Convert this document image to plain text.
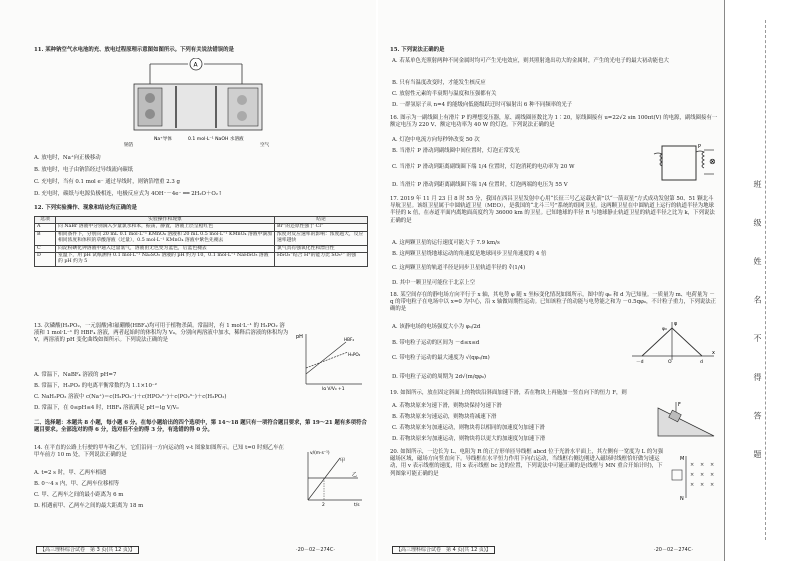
11. 某种钠空气水电池的充、放电过程原理示意图如图所示。下列有关说法错误的是
A
钠箔
Na⁺导体	0.1 mol·L⁻¹ NaOH 水溶液
空气
A. 放电时，Na⁺向正极移动
B. 放电时，电子由钠箔经过导线流向碳纸
C. 充电时，当有 0.1 mol e⁻ 通过导线时，则钠箔增重 2.3 g
D. 充电时，碳纸与电源负极相连，电极反应式为 4OH⁻－4e⁻ ══ 2H₂O＋O₂↑
12. 下列实验操作、现象和结论均正确的是
选项	实验操作和现象	结论
A	向 NaBr 溶液中分别滴入少量氯水和苯，振荡，静置，溶液上层呈橙红色	Br⁻的还原性强于 Cl⁻
B	相同条件下，分别向 20 mL 0.1 mol·L⁻¹ KMnO₄ 溶液和 20 mL 0.5 mol·L⁻¹ KMnO₄ 溶液中滴加相同浓度和体积的草酸溶液（过量），0.5 mol·L⁻¹ KMnO₄ 溶液中紫色先褪去	浓度对反应速率的影响：浓度越大，反应速率越快
C	向淀粉碘化钾溶液中通入过量氯气，溶液由无色变为蓝色，后蓝色褪去	氯气具有强氧化性和漂白性
D	室温下，用 pH 试纸测得 0.1 mol·L⁻¹ Na₂SO₃ 溶液的 pH 约为 10，0.1 mol·L⁻¹ NaHSO₃ 溶液的 pH 约为 5	HSO₃⁻结合 H⁺的能力比 SO₃²⁻ 的强
13. 次磷酸(H₃PO₂，一元弱酸)和氟硼酸(HBF₄)均可用于植物杀菌。常温时，有 1 mol·L⁻¹ 的 H₃PO₂ 溶液和 1 mol·L⁻¹ 的 HBF₄ 溶液，两者起始时的体积均为 V₀，分别向两溶液中加水，稀释后溶液的体积均为 V，两溶液的 pH 变化曲线如图所示。下列说法正确的是
pH
lg V/V₀ +1
HBF₄
H₃PO₂
A. 常温下，NaBF₄ 溶液的 pH=7
B. 常温下，H₃PO₂ 的电离平衡常数约为 1.1×10⁻²
C. NaH₂PO₂ 溶液中 c(Na⁺)＝c(H₂PO₂⁻)＋c(HPO₂²⁻)＋c(PO₂³⁻)＋c(H₃PO₂)
D. 常温下，在 0≤pH≤4 时，HBF₄ 溶液满足 pH＝lg V/V₀
二、选择题：本题共 8 小题，每小题 6 分。在每小题给出的四个选项中，第 14～18 题只有一项符合题目要求，第 19～21 题有多项符合题目要求。全部选对的得 6 分，选对但不全的得 3 分，有选错的得 0 分。
14. 在平直的公路上行驶的甲车和乙车，它们沿同一方向运动的 v-t 图象如图所示。已知 t=0 时刻乙车在甲车前方 10 m 处，下列说法正确的是	v/(m·s⁻¹)
t/s
甲
乙
2
A. t=2 s 时，甲、乙两车相遇
B. 0～4 s 内，甲、乙两车位移相等
C. 甲、乙两车之间的最小距离为 6 m
D. 相遇前甲、乙两车之间的最大距离为 18 m
【高三理科综合试卷　第 3 页(共 12 页)】	·20－02－274C·
15. 下列说法正确的是
A. 若某单色光照射两种不同金属时均可产生光电效应，则其照射逸出功大的金属时，产生的光电子的最大初动能也大
B. 只有当温度改变时，才能发生核反应
C. 放射性元素的半衰期与温度和压强都有关
D. 一群氢原子从 n=4 的能级向低能级跃迁时可辐射出 6 种不同频率的光子
16. 图示为一副线圈上有滑片 P 的理想变压器，原、副线圈匝数比为 1∶20，原线圈接有 u=22√2 sin 100πt(V) 的电源，副线圈接有一额定电压为 220 V、额定电功率为 40 W 的灯泡。下列说法正确的是
⊗
P
A. 灯泡中电流方向每秒钟改变 50 次
B. 当滑片 P 滑动到副线圈中间位置时，灯泡正常发光
C. 当滑片 P 滑动到距离副线圈下端 1/4 位置时，灯泡消耗的电功率为 20 W
D. 当滑片 P 滑动到距离副线圈下端 1/4 位置时，灯泡两端的电压为 55 V
17. 2019 年 11 月 23 日 8 时 55 分，我国在西昌卫星发射中心用“长征三号乙运载火箭”以“一箭双星”方式成功发射第 50、51 颗北斗导航卫星。该组卫星属于中圆轨道卫星（MEO），是我国的“北斗三号”系统的组网卫星。这两颗卫星在中圆轨道上运行的轨道半径为地球半径的 k 倍，在赤道平面内离地面高度约为 36000 km 的卫星。已知地球的半径 R 与地球静止轨道卫星的轨道半径之比为 k，下列说法正确的是
A. 这两颗卫星的运行速度可能大于 7.9 km/s
B. 这两颗卫星绕地球运动的角速度是地球同步卫星角速度的 4 倍
C. 这两颗卫星的轨道半径是同步卫星轨道半径的 ∛(1/4)
D. 其中一颗卫星可能位于北京上空
18. 某空间存在的静电场方向平行于 x 轴，其电势 φ 随 x 坐标变化情况如图所示，图中的 φ₀ 和 d 为已知量。一质量为 m、电荷量为 －q 的带电粒子在电场中以 x=0 为中心，沿 x 轴做周期性运动。已知该粒子的动能与电势能之和为 －0.5qφ₀，不计粒子重力，下列说法正确的是
φ
x
φ₀
－d	d
O
A. 该静电场的电场强度大小为 φ₀/2d
B. 带电粒子运动的区间为 －d≤x≤d
C. 带电粒子运动的最大速度为 √(qφ₀/m)
D. 带电粒子运动的周期为 2d√(m/qφ₀)
19. 如图所示，放在固定斜面上的物块沿斜面加速下滑，若在物块上再施加一竖直向下的恒力 F，则
F
A. 若物块原来匀速下滑，则物块保持匀速下滑
B. 若物块原来匀速运动，则物块将减速下滑
C. 若物块原来匀加速运动，则物块将以相同的加速度匀加速下滑
D. 若物块原来匀加速运动，则物块将以更大的加速度匀加速下滑
20. 如图所示，一边长为 L、电阻为 R 的正方形单匝导线框 abcd 位于光滑水平面上，其左侧有一宽度为 L 的匀强磁场区域，磁场方向竖直向下。导线框在水平恒力作用下向右运动，当线框右侧边刚进入磁场时线框恰好做匀速运动，用 v 表示线框的速度，用 x 表示线框 bc 边的位置，下列说法中可能正确的是(线框与 MN 重合开始计时)，下列图象可能正确的是
M
N
× × ×
× × ×
× × ×
【高三理科综合试卷　第 4 页(共 12 页)】	·20－02－274C·
班 级 姓 名 不 得 答 题
